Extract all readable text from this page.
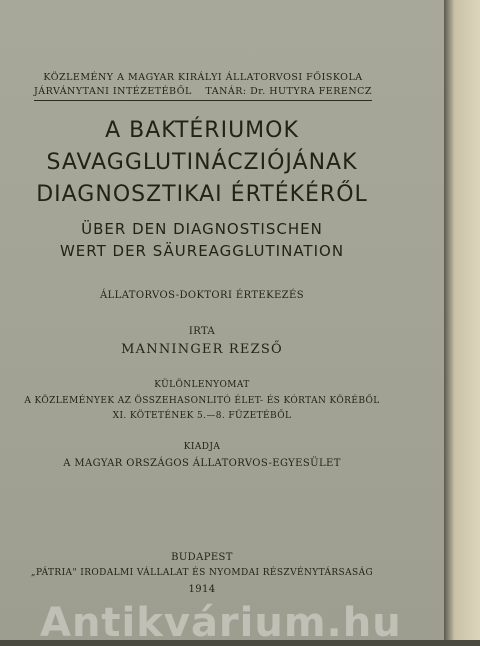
KÖZLEMÉNY A MAGYAR KIRÁLYI ÁLLATORVOSI FŐISKOLA
JÁRVÁNYTANI INTÉZETÉBŐL TANÁR: Dr. HUTYRA FERENCZ
A BAKTÉRIUMOK
SAVAGGLUTINÁCZIÓJÁNAK
DIAGNOSZTIKAI ÉRTÉKÉRŐL
ÜBER DEN DIAGNOSTISCHEN
WERT DER SÄUREAGGLUTINATION
ÁLLATORVOS-DOKTORI ÉRTEKEZÉS
IRTA
MANNINGER REZSŐ
KÜLÖNLENYOMAT
A KÖZLEMÉNYEK AZ ÖSSZEHASONLITÓ ÉLET- ÉS KÓRTAN KÖRÉBŐL
XI. KÖTETÉNEK 5.—8. FÜZETÉBŐL
KIADJA
A MAGYAR ORSZÁGOS ÁLLATORVOS-EGYESÜLET
BUDAPEST
„PÁTRIA" IRODALMI VÁLLALAT ÉS NYOMDAI RÉSZVÉNYTÁRSASÁG
1914
Antikvárium.hu
